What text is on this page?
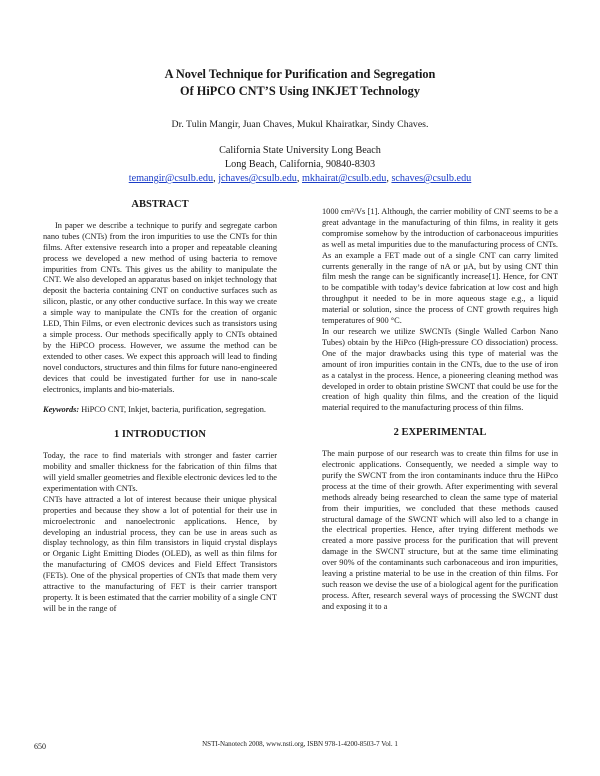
A Novel Technique for Purification and Segregation
Of HiPCO CNT’S Using INKJET Technology
Dr. Tulin Mangir, Juan Chaves, Mukul Khairatkar, Sindy Chaves.
California State University Long Beach
Long Beach, California, 90840-8303
temangir@csulb.edu, jchaves@csulb.edu, mkhairat@csulb.edu, schaves@csulb.edu
ABSTRACT

In paper we describe a technique to purify and segregate carbon nano tubes (CNTs) from the iron impurities to use the CNTs for thin films. After extensive research into a proper and repeatable cleaning process we developed a new method of using bacteria to remove impurities from CNTs. This gives us the ability to manipulate the CNT. We also developed an apparatus based on inkjet technology that deposit the bacteria containing CNT on conductive surfaces such as silicon, plastic, or any other conductive surface. In this way we create a simple way to manipulate the CNTs for the creation of organic LED, Thin Films, or even electronic devices such as transistors using a simple process. Our methods specifically apply to CNTs obtained by the HiPCO process. However, we assume the method can be extended to other cases. We expect this approach will lead to finding novel conductors, structures and thin films for future nano-engineered devices that could be investigated further for use in nano-scale electronics, implants and bio-materials.

Keywords: HiPCO CNT, Inkjet, bacteria, purification, segregation.

1 INTRODUCTION

Today, the race to find materials with stronger and faster carrier mobility and smaller thickness for the fabrication of thin films that will yield smaller geometries and flexible electronic devices led to the experimentation with CNTs.

CNTs have attracted a lot of interest because their unique physical properties and because they show a lot of potential for their use in microelectronic and nanoelectronic applications. Hence, by developing an industrial process, they can be use in areas such as display technology, as thin film transistors in liquid crystal displays or Organic Light Emitting Diodes (OLED), as well as thin films for the manufacturing of CMOS devices and Field Effect Transistors (FETs). One of the physical properties of CNTs that made them very attractive to the manufacturing of FET is their carrier transport property. It is been estimated that the carrier mobility of a single CNT will be in the range of

1000 cm²/Vs [1]. Although, the carrier mobility of CNT seems to be a great advantage in the manufacturing of thin films, in reality it gets compromise somehow by the introduction of carbonaceous impurities as well as metal impurities due to the manufacturing process of CNTs. As an example a FET made out of a single CNT can carry limited currents generally in the range of nA or µA, but by using CNT thin film mesh the range can be significantly increase[1]. Hence, for CNT to be compatible with today’s device fabrication at low cost and high throughput it needed to be in more aqueous stage e.g., a liquid material or solution, since the process of CNT growth requires high temperatures of 900 °C.

In our research we utilize SWCNTs (Single Walled Carbon Nano Tubes) obtain by the HiPco (High-pressure CO dissociation) process. One of the major drawbacks using this type of material was the amount of iron impurities contain in the CNTs, due to the use of iron as a catalyst in the process. Hence, a pioneering cleaning method was developed in order to obtain pristine SWCNT that could be use for the creation of high quality thin films, and the creation of the liquid material required to the manufacturing process of thin films.

2 EXPERIMENTAL

The main purpose of our research was to create thin films for use in electronic applications. Consequently, we needed a simple way to purify the SWCNT from the iron contaminants induce thru the HiPco process at the time of their growth. After experimenting with several methods already being researched to clean the same type of material from their impurities, we concluded that these methods caused structural damage of the SWCNT which will also led to a change in the electrical properties. Hence, after trying different methods we created a more passive process for the purification that will prevent damage in the SWCNT structure, but at the same time eliminating over 90% of the contaminants such carbonaceous and iron impurities, leaving a pristine material to be use in the creation of thin films. For such reason we devise the use of a biological agent for the purification process. After, research several ways of processing the SWCNT dust and exposing it to a

650	NSTI-Nanotech 2008, www.nsti.org, ISBN 978-1-4200-8503-7 Vol. 1
